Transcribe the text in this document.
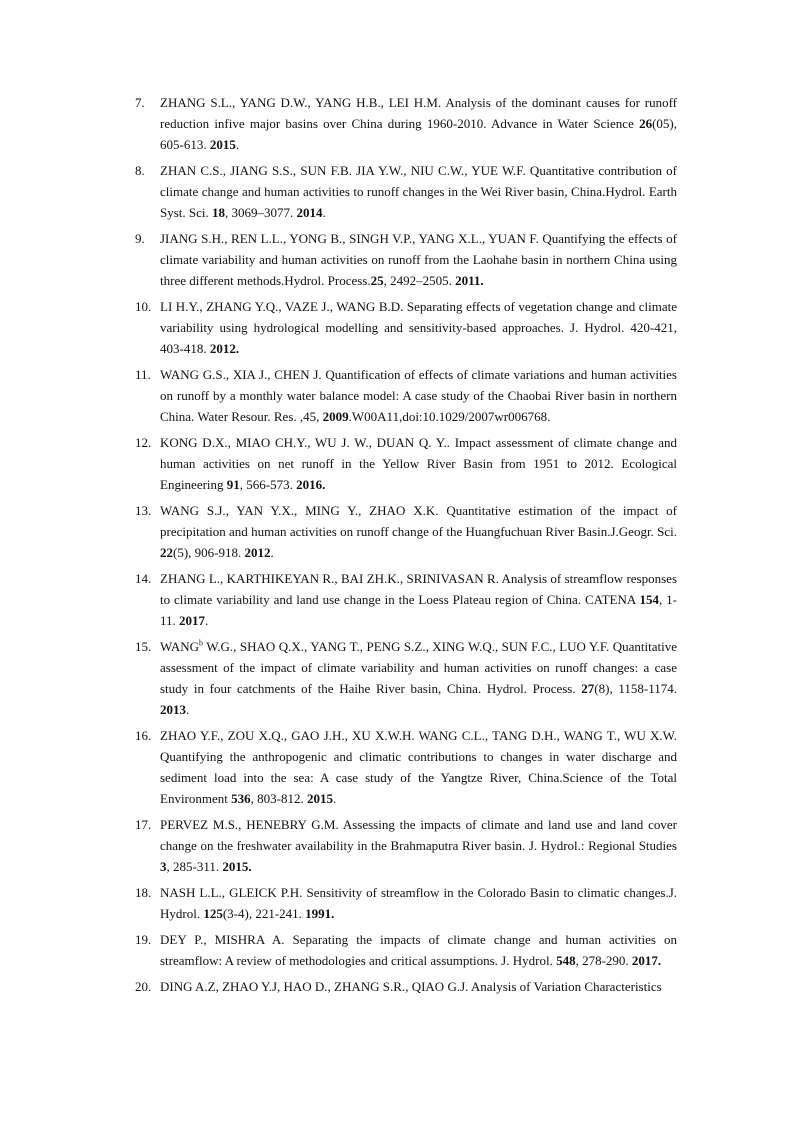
7. ZHANG S.L., YANG D.W., YANG H.B., LEI H.M. Analysis of the dominant causes for runoff reduction infive major basins over China during 1960-2010. Advance in Water Science 26(05), 605-613. 2015.
8. ZHAN C.S., JIANG S.S., SUN F.B. JIA Y.W., NIU C.W., YUE W.F. Quantitative contribution of climate change and human activities to runoff changes in the Wei River basin, China.Hydrol. Earth Syst. Sci. 18, 3069–3077. 2014.
9. JIANG S.H., REN L.L., YONG B., SINGH V.P., YANG X.L., YUAN F. Quantifying the effects of climate variability and human activities on runoff from the Laohahe basin in northern China using three different methods.Hydrol. Process.25, 2492–2505. 2011.
10. LI H.Y., ZHANG Y.Q., VAZE J., WANG B.D. Separating effects of vegetation change and climate variability using hydrological modelling and sensitivity-based approaches. J. Hydrol. 420-421, 403-418. 2012.
11. WANG G.S., XIA J., CHEN J. Quantification of effects of climate variations and human activities on runoff by a monthly water balance model: A case study of the Chaobai River basin in northern China. Water Resour. Res. ,45, 2009.W00A11,doi:10.1029/2007wr006768.
12. KONG D.X., MIAO CH.Y., WU J. W., DUAN Q. Y.. Impact assessment of climate change and human activities on net runoff in the Yellow River Basin from 1951 to 2012. Ecological Engineering 91, 566-573. 2016.
13. WANG S.J., YAN Y.X., MING Y., ZHAO X.K. Quantitative estimation of the impact of precipitation and human activities on runoff change of the Huangfuchuan River Basin.J.Geogr. Sci. 22(5), 906-918. 2012.
14. ZHANG L., KARTHIKEYAN R., BAI ZH.K., SRINIVASAN R. Analysis of streamflow responses to climate variability and land use change in the Loess Plateau region of China. CATENA 154, 1-11. 2017.
15. WANG$^b$ W.G., SHAO Q.X., YANG T., PENG S.Z., XING W.Q., SUN F.C., LUO Y.F. Quantitative assessment of the impact of climate variability and human activities on runoff changes: a case study in four catchments of the Haihe River basin, China. Hydrol. Process. 27(8), 1158-1174. 2013.
16. ZHAO Y.F., ZOU X.Q., GAO J.H., XU X.W.H. WANG C.L., TANG D.H., WANG T., WU X.W. Quantifying the anthropogenic and climatic contributions to changes in water discharge and sediment load into the sea: A case study of the Yangtze River, China.Science of the Total Environment 536, 803-812. 2015.
17. PERVEZ M.S., HENEBRY G.M. Assessing the impacts of climate and land use and land cover change on the freshwater availability in the Brahmaputra River basin. J. Hydrol.: Regional Studies 3, 285-311. 2015.
18. NASH L.L., GLEICK P.H. Sensitivity of streamflow in the Colorado Basin to climatic changes.J. Hydrol. 125(3-4), 221-241. 1991.
19. DEY P., MISHRA A. Separating the impacts of climate change and human activities on streamflow: A review of methodologies and critical assumptions. J. Hydrol. 548, 278-290. 2017.
20. DING A.Z, ZHAO Y.J, HAO D., ZHANG S.R., QIAO G.J. Analysis of Variation Characteristics
